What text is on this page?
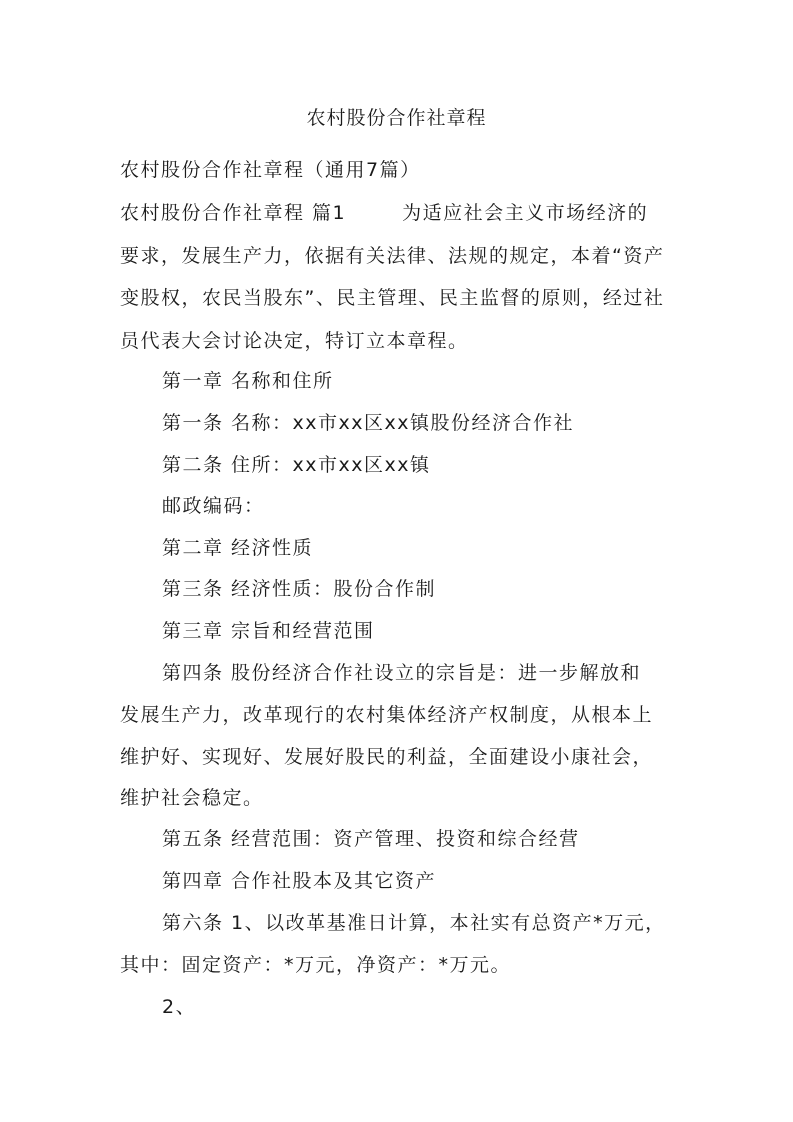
农村股份合作社章程
农村股份合作社章程（通用7篇）
农村股份合作社章程 篇1	为适应社会主义市场经济的
要求，发展生产力，依据有关法律、法规的规定，本着“资产
变股权，农民当股东”、民主管理、民主监督的原则，经过社
员代表大会讨论决定，特订立本章程。
第一章 名称和住所
第一条 名称：xx市xx区xx镇股份经济合作社
第二条 住所：xx市xx区xx镇
邮政编码：
第二章 经济性质
第三条 经济性质：股份合作制
第三章 宗旨和经营范围
第四条 股份经济合作社设立的宗旨是：进一步解放和
发展生产力，改革现行的农村集体经济产权制度，从根本上
维护好、实现好、发展好股民的利益，全面建设小康社会，
维护社会稳定。
第五条 经营范围：资产管理、投资和综合经营
第四章 合作社股本及其它资产
第六条 1、以改革基准日计算，本社实有总资产*万元，
其中：固定资产：*万元，净资产：*万元。
2、
